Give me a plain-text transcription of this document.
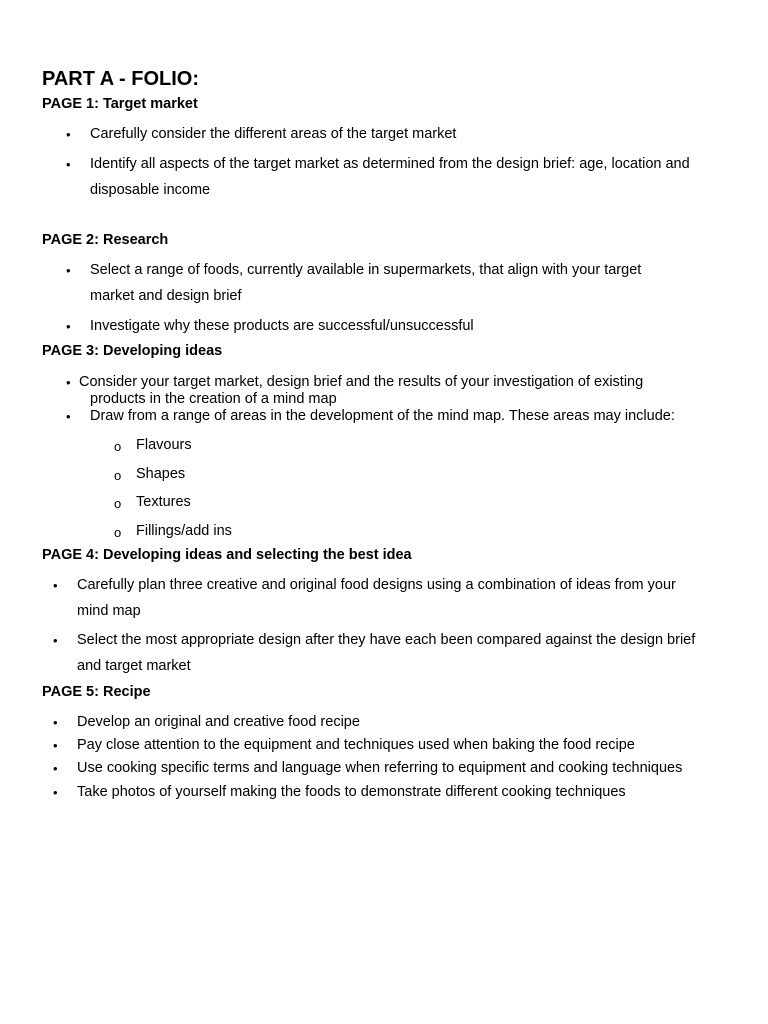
PART A - FOLIO:
PAGE 1: Target market
• Carefully consider the different areas of the target market
• Identify all aspects of the target market as determined from the design brief: age, location and
disposable income
PAGE 2: Research
• Select a range of foods, currently available in supermarkets, that align with your target
market and design brief
• Investigate why these products are successful/unsuccessful
PAGE 3: Developing ideas
• Consider your target market, design brief and the results of your investigation of existing
products in the creation of a mind map
• Draw from a range of areas in the development of the mind map. These areas may include:
o Flavours
o Shapes
o Textures
o Fillings/add ins
PAGE 4: Developing ideas and selecting the best idea
• Carefully plan three creative and original food designs using a combination of ideas from your
mind map
• Select the most appropriate design after they have each been compared against the design brief
and target market
PAGE 5: Recipe
• Develop an original and creative food recipe
• Pay close attention to the equipment and techniques used when baking the food recipe
• Use cooking specific terms and language when referring to equipment and cooking techniques
• Take photos of yourself making the foods to demonstrate different cooking techniques
